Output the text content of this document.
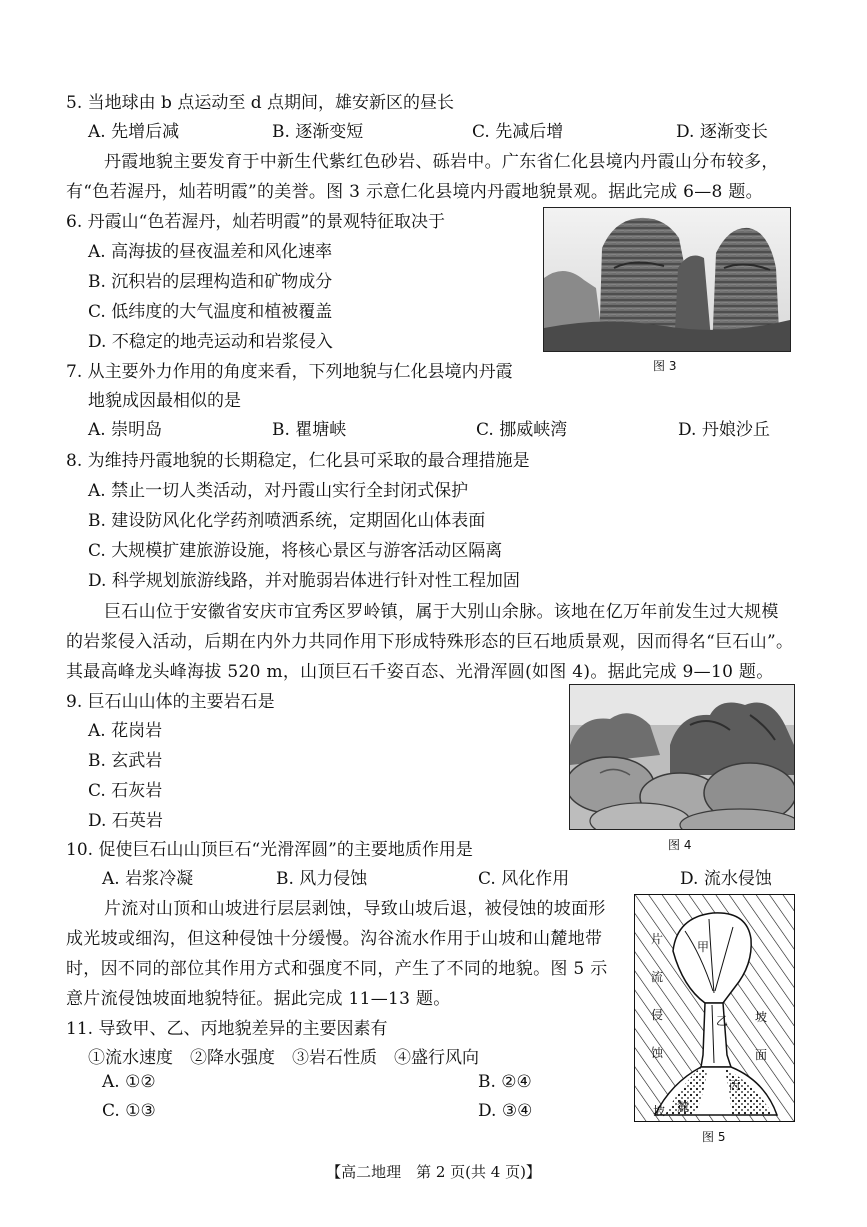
5. 当地球由 b 点运动至 d 点期间，雄安新区的昼长
A. 先增后减	B. 逐渐变短	C. 先减后增	D. 逐渐变长
丹霞地貌主要发育于中新生代紫红色砂岩、砾岩中。广东省仁化县境内丹霞山分布较多，
有“色若渥丹，灿若明霞”的美誉。图 3 示意仁化县境内丹霞地貌景观。据此完成 6—8 题。
6. 丹霞山“色若渥丹，灿若明霞”的景观特征取决于
A. 高海拔的昼夜温差和风化速率
B. 沉积岩的层理构造和矿物成分
C. 低纬度的大气温度和植被覆盖
D. 不稳定的地壳运动和岩浆侵入
图 3
7. 从主要外力作用的角度来看，下列地貌与仁化县境内丹霞
地貌成因最相似的是
A. 崇明岛	B. 瞿塘峡	C. 挪威峡湾	D. 丹娘沙丘
8. 为维持丹霞地貌的长期稳定，仁化县可采取的最合理措施是
A. 禁止一切人类活动，对丹霞山实行全封闭式保护
B. 建设防风化化学药剂喷洒系统，定期固化山体表面
C. 大规模扩建旅游设施，将核心景区与游客活动区隔离
D. 科学规划旅游线路，并对脆弱岩体进行针对性工程加固
巨石山位于安徽省安庆市宜秀区罗岭镇，属于大别山余脉。该地在亿万年前发生过大规模
的岩浆侵入活动，后期在内外力共同作用下形成特殊形态的巨石地质景观，因而得名“巨石山”。
其最高峰龙头峰海拔 520 m，山顶巨石千姿百态、光滑浑圆(如图 4)。据此完成 9—10 题。
9. 巨石山山体的主要岩石是
A. 花岗岩
B. 玄武岩
C. 石灰岩
D. 石英岩
图 4
10. 促使巨石山山顶巨石“光滑浑圆”的主要地质作用是
A. 岩浆冷凝	B. 风力侵蚀	C. 风化作用	D. 流水侵蚀
片流对山顶和山坡进行层层剥蚀，导致山坡后退，被侵蚀的坡面形
成光坡或细沟，但这种侵蚀十分缓慢。沟谷流水作用于山坡和山麓地带
时，因不同的部位其作用方式和强度不同，产生了不同的地貌。图 5 示
意片流侵蚀坡面地貌特征。据此完成 11—13 题。
11. 导致甲、乙、丙地貌差异的主要因素有
①流水速度　②降水强度　③岩石性质　④盛行风向
A. ①②	B. ②④
C. ①③	D. ③④
片
流
侵
蚀
甲
乙
丙
坡
面
坡 麓
图 5
【高二地理　第 2 页(共 4 页)】
